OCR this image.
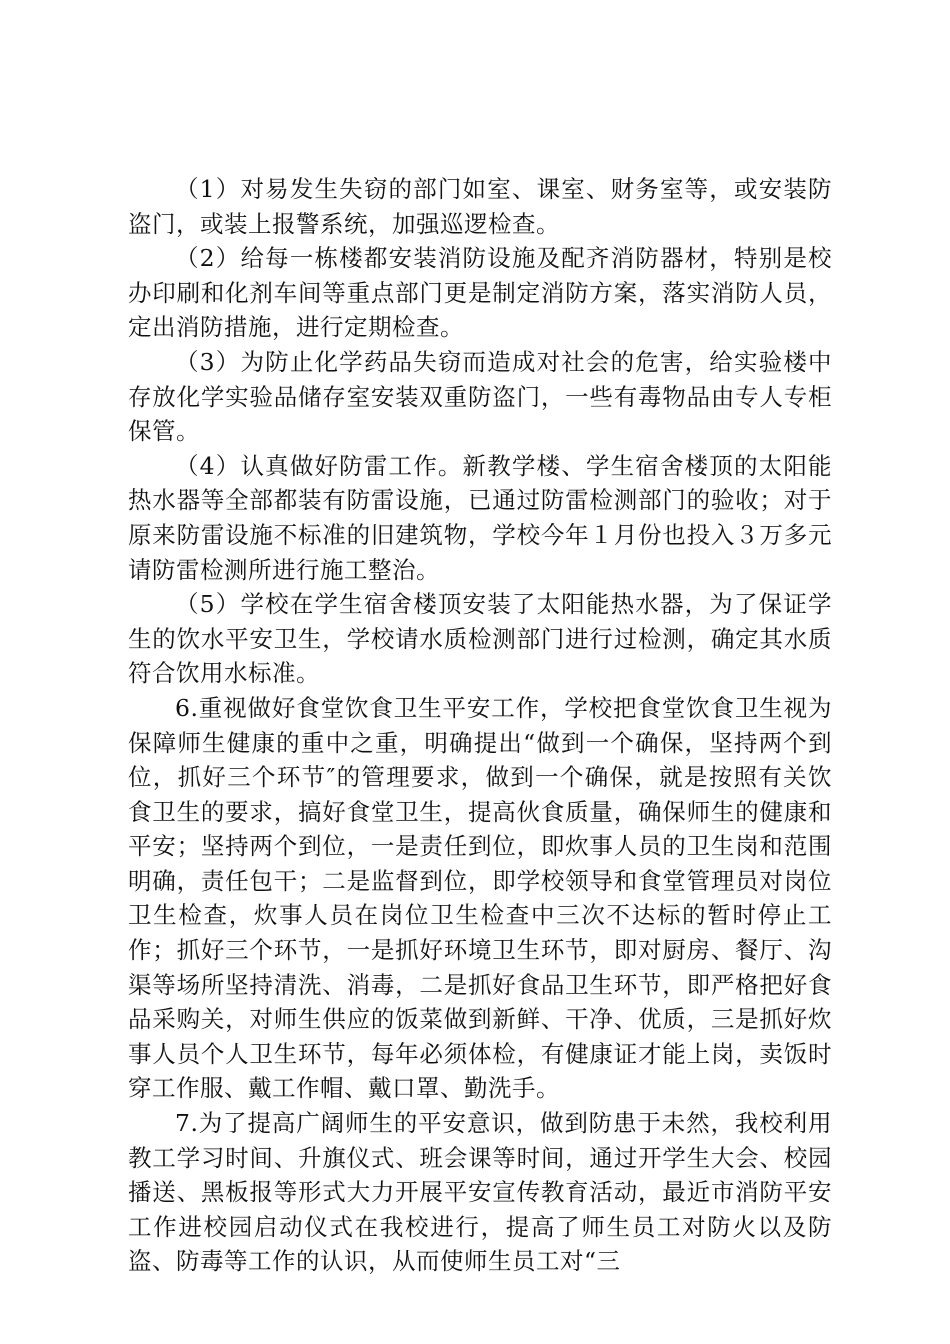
（1）对易发生失窃的部门如室、课室、财务室等，或安装防盗门，或装上报警系统，加强巡逻检查。

（2）给每一栋楼都安装消防设施及配齐消防器材，特别是校办印刷和化剂车间等重点部门更是制定消防方案，落实消防人员，定出消防措施，进行定期检查。

（3）为防止化学药品失窃而造成对社会的危害，给实验楼中存放化学实验品储存室安装双重防盗门，一些有毒物品由专人专柜保管。

（4）认真做好防雷工作。新教学楼、学生宿舍楼顶的太阳能热水器等全部都装有防雷设施，已通过防雷检测部门的验收；对于原来防雷设施不标准的旧建筑物，学校今年１月份也投入３万多元请防雷检测所进行施工整治。

（5）学校在学生宿舍楼顶安装了太阳能热水器，为了保证学生的饮水平安卫生，学校请水质检测部门进行过检测，确定其水质符合饮用水标准。

6.重视做好食堂饮食卫生平安工作，学校把食堂饮食卫生视为保障师生健康的重中之重，明确提出“做到一个确保，坚持两个到位，抓好三个环节″的管理要求，做到一个确保，就是按照有关饮食卫生的要求，搞好食堂卫生，提高伙食质量，确保师生的健康和平安；坚持两个到位，一是责任到位，即炊事人员的卫生岗和范围明确，责任包干；二是监督到位，即学校领导和食堂管理员对岗位卫生检查，炊事人员在岗位卫生检查中三次不达标的暂时停止工作；抓好三个环节，一是抓好环境卫生环节，即对厨房、餐厅、沟渠等场所坚持清洗、消毒，二是抓好食品卫生环节，即严格把好食品采购关，对师生供应的饭菜做到新鲜、干净、优质，三是抓好炊事人员个人卫生环节，每年必须体检，有健康证才能上岗，卖饭时穿工作服、戴工作帽、戴口罩、勤洗手。

7.为了提高广阔师生的平安意识，做到防患于未然，我校利用教工学习时间、升旗仪式、班会课等时间，通过开学生大会、校园播送、黑板报等形式大力开展平安宣传教育活动，最近市消防平安工作进校园启动仪式在我校进行，提高了师生员工对防火以及防盗、防毒等工作的认识，从而使师生员工对“三
